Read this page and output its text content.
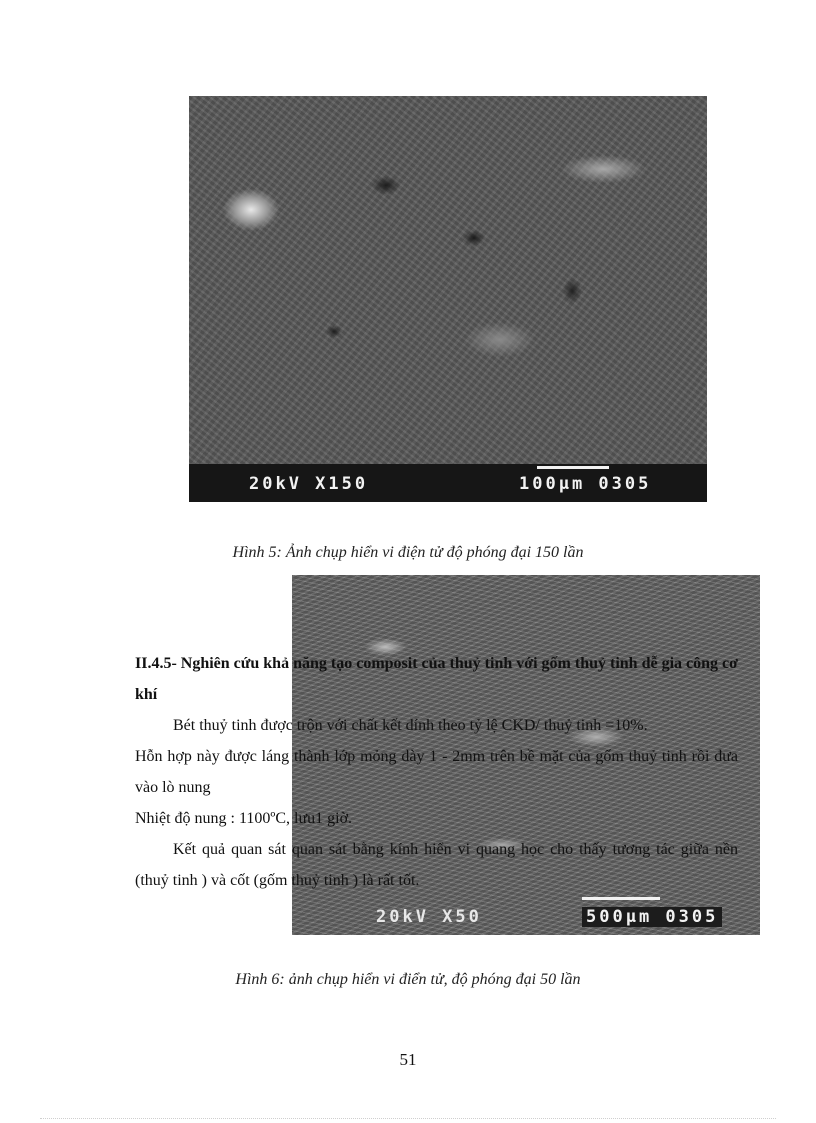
20kV X150	100µm 0305
Hình 5: Ảnh chụp hiển vi điện tử độ phóng đại 150 lần
20kV X50	500µm 0305

II.4.5- Nghiên cứu khả năng tạo composit của thuỷ tinh với gốm thuỷ tinh dễ gia công cơ khí

Bét thuỷ tinh được trộn với chất kết dính theo tỷ lệ CKD/ thuỷ tinh =10%.

Hỗn hợp này được láng thành lớp mỏng dày 1 - 2mm trên bề mặt của gốm thuỷ tinh rồi đưa vào lò nung

Nhiệt độ nung : 1100ºC, lưu1 giờ.

Kết quả quan sát quan sát bằng kính hiển vi quang học cho thấy tương tác giữa nền (thuỷ tinh ) và cốt (gốm thuỷ tinh ) là rất tốt.

Hình 6: ảnh chụp hiển vi điển tử, độ phóng đại 50 lần
51
